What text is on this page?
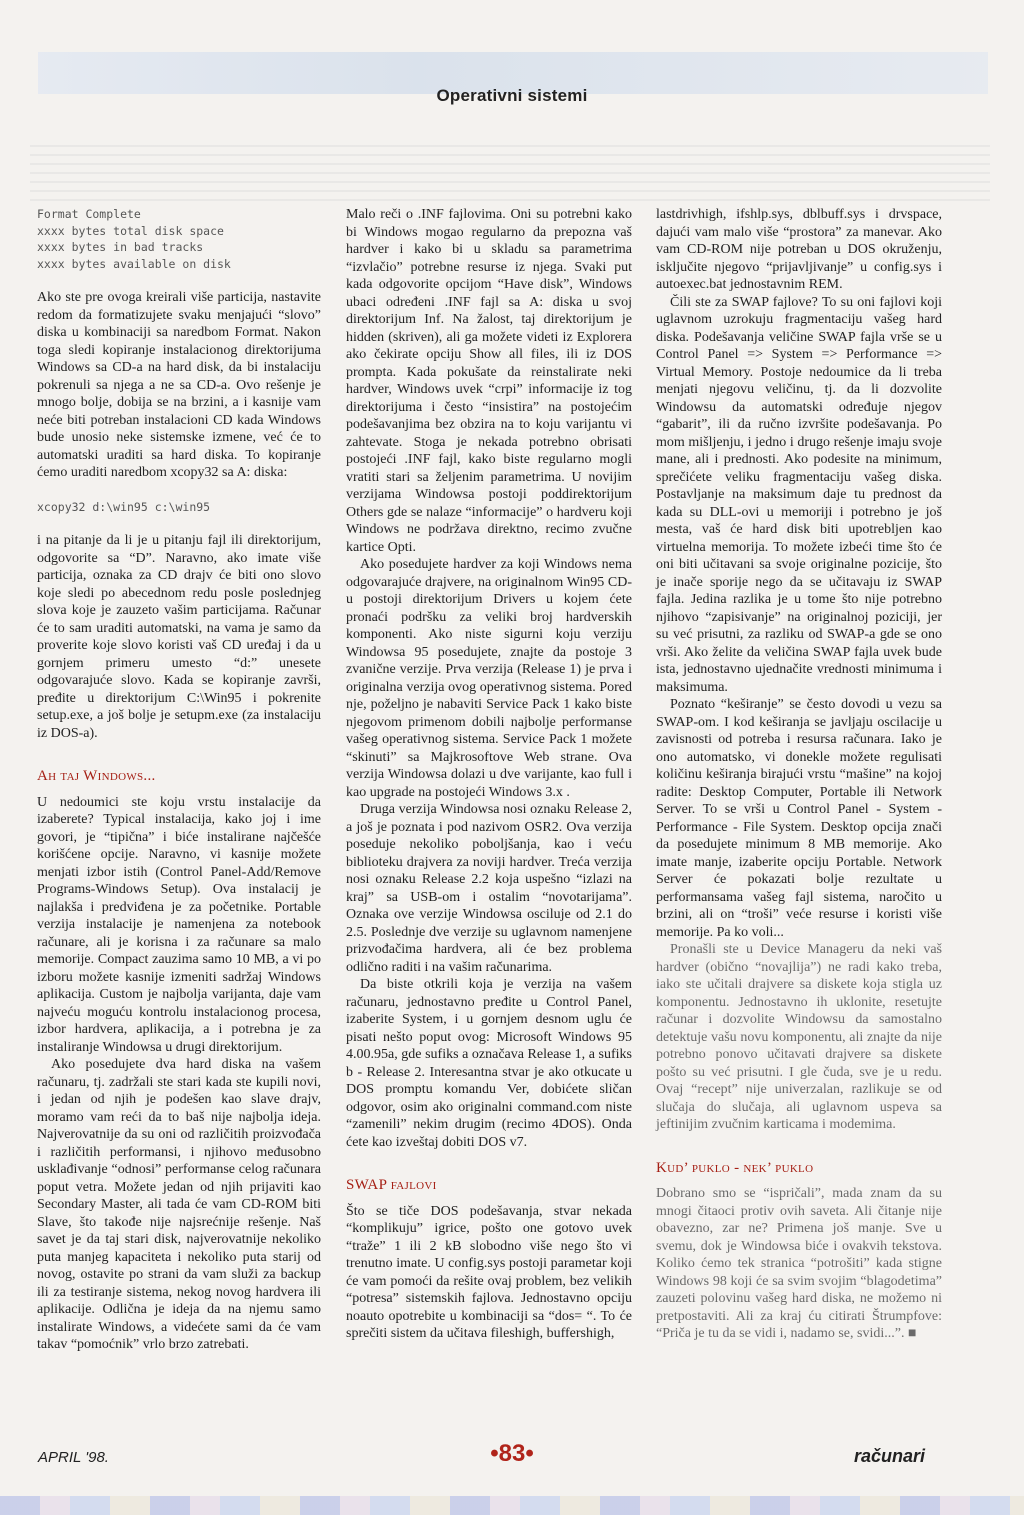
Operativni sistemi
Format Complete
xxxx bytes total disk space
xxxx bytes in bad tracks
xxxx bytes available on disk

Ako ste pre ovoga kreirali više particija, nastavite redom da formatizujete svaku menjajući “slovo” diska u kombinaciji sa naredbom Format. Nakon toga sledi kopiranje instalacionog direktorijuma Windows sa CD-a na hard disk, da bi instalaciju pokrenuli sa njega a ne sa CD-a. Ovo rešenje je mnogo bolje, dobija se na brzini, a i kasnije vam neće biti potreban instalacioni CD kada Windows bude unosio neke sistemske izmene, već će to automatski uraditi sa hard diska. To kopiranje ćemo uraditi naredbom xcopy32 sa A: diska:

xcopy32 d:\win95 c:\win95

i na pitanje da li je u pitanju fajl ili direktorijum, odgovorite sa “D”. Naravno, ako imate više particija, oznaka za CD drajv će biti ono slovo koje sledi po abecednom redu posle poslednjeg slova koje je zauzeto vašim particijama. Računar će to sam uraditi automatski, na vama je samo da proverite koje slovo koristi vaš CD uređaj i da u gornjem primeru umesto “d:” unesete odgovarajuće slovo. Kada se kopiranje završi, pređite u direktorijum C:\Win95 i pokrenite setup.exe, a još bolje je setupm.exe (za instalaciju iz DOS-a).

Ah taj Windows...

U nedoumici ste koju vrstu instalacije da izaberete? Typical instalacija, kako joj i ime govori, je “tipična” i biće instalirane najčešće korišćene opcije. Naravno, vi kasnije možete menjati izbor istih (Control Panel-Add/Remove Programs-Windows Setup). Ova instalacij je najlakša i predviđena je za početnike. Portable verzija instalacije je namenjena za notebook računare, ali je korisna i za računare sa malo memorije. Compact zauzima samo 10 MB, a vi po izboru možete kasnije izmeniti sadržaj Windows aplikacija. Custom je najbolja varijanta, daje vam najveću moguću kontrolu instalacionog procesa, izbor hardvera, aplikacija, a i potrebna je za instaliranje Windowsa u drugi direktorijum.

Ako posedujete dva hard diska na vašem računaru, tj. zadržali ste stari kada ste kupili novi, i jedan od njih je podešen kao slave drajv, moramo vam reći da to baš nije najbolja ideja. Najverovatnije da su oni od različitih proizvođača i različitih performansi, i njihovo međusobno usklađivanje “odnosi” performanse celog računara poput vetra. Možete jedan od njih prijaviti kao Secondary Master, ali tada će vam CD-ROM biti Slave, što takođe nije najsrećnije rešenje. Naš savet je da taj stari disk, najverovatnije nekoliko puta manjeg kapaciteta i nekoliko puta starij od novog, ostavite po strani da vam služi za backup ili za testiranje sistema, nekog novog hardvera ili aplikacije. Odlična je ideja da na njemu samo instalirate Windows, a videćete sami da će vam takav “pomoćnik” vrlo brzo zatrebati.

Malo reči o .INF fajlovima. Oni su potrebni kako bi Windows mogao regularno da prepozna vaš hardver i kako bi u skladu sa parametrima “izvlačio” potrebne resurse iz njega. Svaki put kada odgovorite opcijom “Have disk”, Windows ubaci određeni .INF fajl sa A: diska u svoj direktorijum Inf. Na žalost, taj direktorijum je hidden (skriven), ali ga možete videti iz Explorera ako čekirate opciju Show all files, ili iz DOS prompta. Kada pokušate da reinstalirate neki hardver, Windows uvek “crpi” informacije iz tog direktorijuma i često “insistira” na postojećim podešavanjima bez obzira na to koju varijantu vi zahtevate. Stoga je nekada potrebno obrisati postojeći .INF fajl, kako biste regularno mogli vratiti stari sa željenim parametrima. U novijim verzijama Windowsa postoji poddirektorijum Others gde se nalaze “informacije” o hardveru koji Windows ne podržava direktno, recimo zvučne kartice Opti.

Ako posedujete hardver za koji Windows nema odgovarajuće drajvere, na originalnom Win95 CD-u postoji direktorijum Drivers u kojem ćete pronaći podršku za veliki broj hardverskih komponenti. Ako niste sigurni koju verziju Windowsa 95 posedujete, znajte da postoje 3 zvanične verzije. Prva verzija (Release 1) je prva i originalna verzija ovog operativnog sistema. Pored nje, poželjno je nabaviti Service Pack 1 kako biste njegovom primenom dobili najbolje performanse vašeg operativnog sistema. Service Pack 1 možete “skinuti” sa Majkrosoftove Web strane. Ova verzija Windowsa dolazi u dve varijante, kao full i kao upgrade na postojeći Windows 3.x .

Druga verzija Windowsa nosi oznaku Release 2, a još je poznata i pod nazivom OSR2. Ova verzija poseduje nekoliko poboljšanja, kao i veću biblioteku drajvera za noviji hardver. Treća verzija nosi oznaku Release 2.2 koja uspešno “izlazi na kraj” sa USB-om i ostalim “novotarijama”. Oznaka ove verzije Windowsa osciluje od 2.1 do 2.5. Poslednje dve verzije su uglavnom namenjene prizvođačima hardvera, ali će bez problema odlično raditi i na vašim računarima.

Da biste otkrili koja je verzija na vašem računaru, jednostavno pređite u Control Panel, izaberite System, i u gornjem desnom uglu će pisati nešto poput ovog: Microsoft Windows 95 4.00.95a, gde sufiks a označava Release 1, a sufiks b - Release 2. Interesantna stvar je ako otkucate u DOS promptu komandu Ver, dobićete sličan odgovor, osim ako originalni command.com niste “zamenili” nekim drugim (recimo 4DOS). Onda ćete kao izveštaj dobiti DOS v7.

SWAP fajlovi

Što se tiče DOS podešavanja, stvar nekada “komplikuju” igrice, pošto one gotovo uvek “traže” 1 ili 2 kB slobodno više nego što vi trenutno imate. U config.sys postoji parametar koji će vam pomoći da rešite ovaj problem, bez velikih “potresa” sistemskih fajlova. Jednostavno opciju noauto opotrebite u kombinaciji sa “dos= “. To će sprečiti sistem da učitava fileshigh, buffershigh,

lastdrivhigh, ifshlp.sys, dblbuff.sys i drvspace, dajući vam malo više “prostora” za manevar. Ako vam CD-ROM nije potreban u DOS okruženju, isključite njegovo “prijavljivanje” u config.sys i autoexec.bat jednostavnim REM.

Čili ste za SWAP fajlove? To su oni fajlovi koji uglavnom uzrokuju fragmentaciju vašeg hard diska. Podešavanja veličine SWAP fajla vrše se u Control Panel => System => Performance => Virtual Memory. Postoje nedoumice da li treba menjati njegovu veličinu, tj. da li dozvolite Windowsu da automatski određuje njegov “gabarit”, ili da ručno izvršite podešavanja. Po mom mišljenju, i jedno i drugo rešenje imaju svoje mane, ali i prednosti. Ako podesite na minimum, sprečićete veliku fragmentaciju vašeg diska. Postavljanje na maksimum daje tu prednost da kada su DLL-ovi u memoriji i potrebno je još mesta, vaš će hard disk biti upotrebljen kao virtuelna memorija. To možete izbeći time što će oni biti učitavani sa svoje originalne pozicije, što je inače sporije nego da se učitavaju iz SWAP fajla. Jedina razlika je u tome što nije potrebno njihovo “zapisivanje” na originalnoj poziciji, jer su već prisutni, za razliku od SWAP-a gde se ono vrši. Ako želite da veličina SWAP fajla uvek bude ista, jednostavno ujednačite vrednosti minimuma i maksimuma.

Poznato “keširanje” se često dovodi u vezu sa SWAP-om. I kod keširanja se javljaju oscilacije u zavisnosti od potreba i resursa računara. Iako je ono automatsko, vi donekle možete regulisati količinu keširanja birajući vrstu “mašine” na kojoj radite: Desktop Computer, Portable ili Network Server. To se vrši u Control Panel - System - Performance - File System. Desktop opcija znači da posedujete minimum 8 MB memorije. Ako imate manje, izaberite opciju Portable. Network Server će pokazati bolje rezultate u performansama vašeg fajl sistema, naročito u brzini, ali on “troši” veće resurse i koristi više memorije. Pa ko voli...

Pronašli ste u Device Manageru da neki vaš hardver (obično “novajlija”) ne radi kako treba, iako ste učitali drajvere sa diskete koja stigla uz komponentu. Jednostavno ih uklonite, resetujte računar i dozvolite Windowsu da samostalno detektuje vašu novu komponentu, ali znajte da nije potrebno ponovo učitavati drajvere sa diskete pošto su već prisutni. I gle čuda, sve je u redu. Ovaj “recept” nije univerzalan, razlikuje se od slučaja do slučaja, ali uglavnom uspeva sa jeftinijim zvučnim karticama i modemima.

Kud’ puklo - nek’ puklo

Dobrano smo se “ispričali”, mada znam da su mnogi čitaoci protiv ovih saveta. Ali čitanje nije obavezno, zar ne? Primena još manje. Sve u svemu, dok je Windowsa biće i ovakvih tekstova. Koliko ćemo tek stranica “potrošiti” kada stigne Windows 98 koji će sa svim svojim “blagodetima” zauzeti polovinu vašeg hard diska, ne možemo ni pretpostaviti. Ali za kraj ću citirati Štrumpfove: “Priča je tu da se vidi i, nadamo se, svidi...”. ■

APRIL '98.	•83•	računari
